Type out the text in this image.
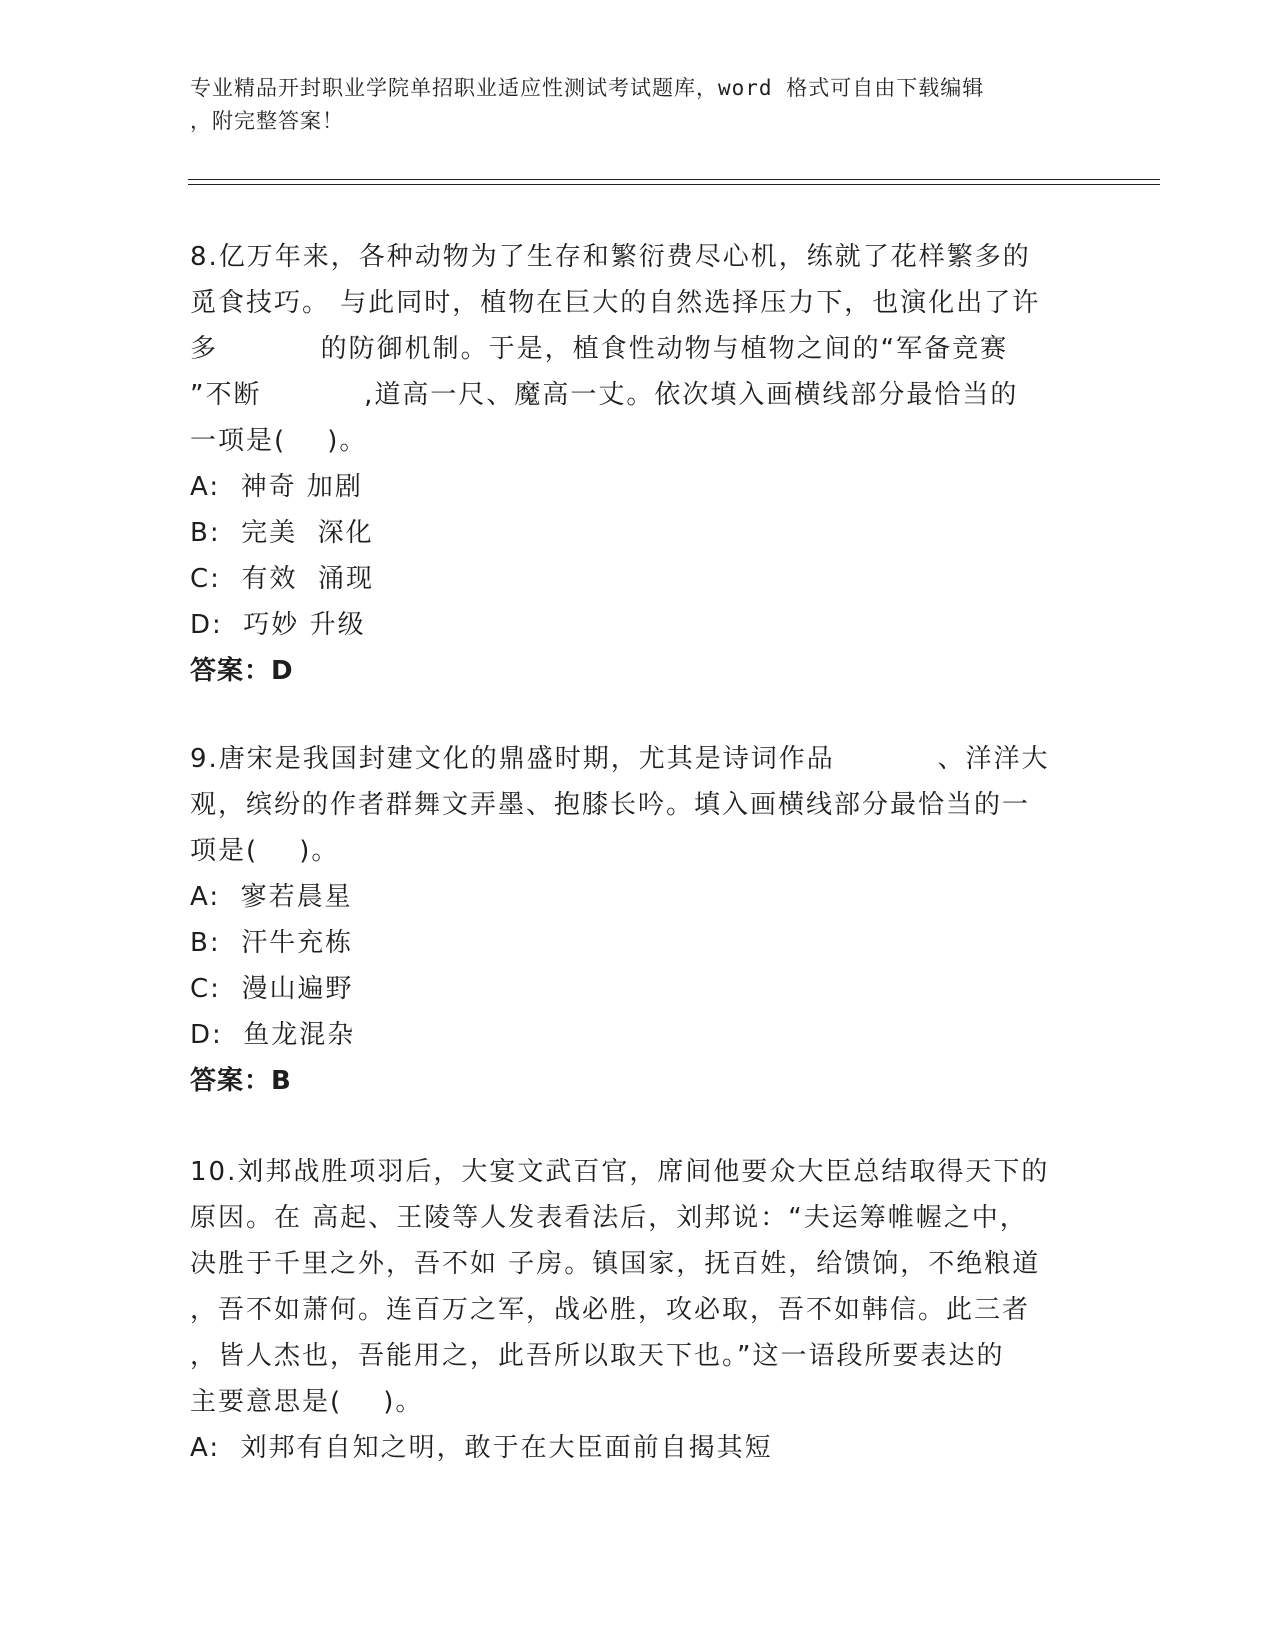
专业精品开封职业学院单招职业适应性测试考试题库，word 格式可自由下载编辑
，附完整答案！
8.亿万年来，各种动物为了生存和繁衍费尽心机，练就了花样繁多的
觅食技巧。 与此同时，植物在巨大的自然选择压力下，也演化出了许
多          的防御机制。于是，植食性动物与植物之间的“军备竞赛
”不断          ,道高一尺、魔高一丈。依次填入画横线部分最恰当的
一项是(    )。
A:  神奇 加剧
B:  完美  深化
C:  有效  涌现
D:  巧妙 升级
答案：D
9.唐宋是我国封建文化的鼎盛时期，尤其是诗词作品          、洋洋大
观，缤纷的作者群舞文弄墨、抱膝长吟。填入画横线部分最恰当的一
项是(    )。
A:  寥若晨星
B:  汗牛充栋
C:  漫山遍野
D:  鱼龙混杂
答案：B
10.刘邦战胜项羽后，大宴文武百官，席间他要众大臣总结取得天下的
原因。在 高起、王陵等人发表看法后，刘邦说：“夫运筹帷幄之中，
决胜于千里之外，吾不如 子房。镇国家，抚百姓，给馈饷，不绝粮道
，吾不如萧何。连百万之军，战必胜，攻必取，吾不如韩信。此三者
，皆人杰也，吾能用之，此吾所以取天下也。”这一语段所要表达的
主要意思是(    )。
A:  刘邦有自知之明，敢于在大臣面前自揭其短
